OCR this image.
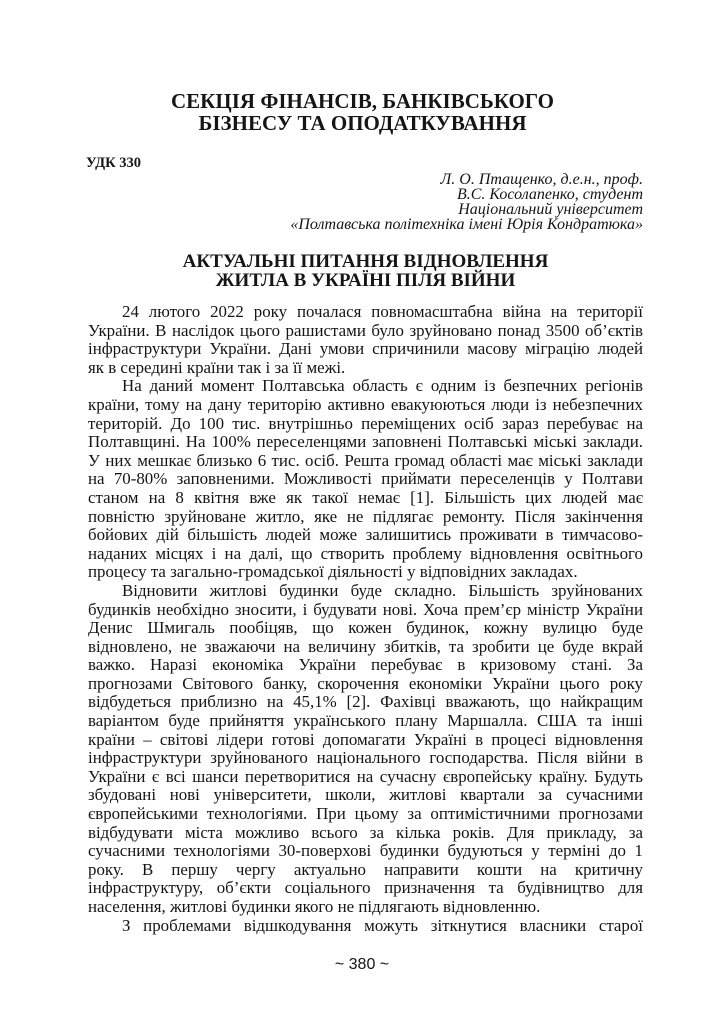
СЕКЦІЯ ФІНАНСІВ, БАНКІВСЬКОГО
БІЗНЕСУ ТА ОПОДАТКУВАННЯ
УДК 330
Л. О. Птащенко, д.е.н., проф.
В.С. Косолапенко, студент
Національний університет
«Полтавська політехніка імені Юрія Кондратюка»
АКТУАЛЬНІ ПИТАННЯ ВІДНОВЛЕННЯ
ЖИТЛА В УКРАЇНІ ПІЛЯ ВІЙНИ
24 лютого 2022 року почалася повномасштабна війна на території
України. В наслідок цього рашистами було зруйновано понад 3500 об’єктів
інфраструктури України. Дані умови спричинили масову міграцію людей
як в середині країни так і за її межі.
На даний момент Полтавська область є одним із безпечних регіонів
країни, тому на дану територію активно евакуюються люди із небезпечних
територій. До 100 тис. внутрішньо переміщених осіб зараз перебуває на
Полтавщині. На 100% переселенцями заповнені Полтавські міські заклади.
У них мешкає близько 6 тис. осіб. Решта громад області має міські заклади
на 70-80% заповненими. Можливості приймати переселенців у Полтави
станом на 8 квітня вже як такої немає [1]. Більшість цих людей має
повністю зруйноване житло, яке не підлягає ремонту. Після закінчення
бойових дій більшість людей може залишитись проживати в тимчасово-
наданих місцях і на далі, що створить проблему відновлення освітнього
процесу та загально-громадської діяльності у відповідних закладах.
Відновити житлові будинки буде складно. Більшість зруйнованих
будинків необхідно зносити, і будувати нові. Хоча прем’єр міністр України
Денис Шмигаль пообіцяв, що кожен будинок, кожну вулицю буде
відновлено, не зважаючи на величину збитків, та зробити це буде вкрай
важко. Наразі економіка України перебуває в кризовому стані. За
прогнозами Світового банку, скорочення економіки України цього року
відбудеться приблизно на 45,1% [2]. Фахівці вважають, що найкращим
варіантом буде прийняття українського плану Маршалла. США та інші
країни – світові лідери готові допомагати Україні в процесі відновлення
інфраструктури зруйнованого національного господарства. Після війни в
України є всі шанси перетворитися на сучасну європейську країну. Будуть
збудовані нові університети, школи, житлові квартали за сучасними
європейськими технологіями. При цьому за оптимістичними прогнозами
відбудувати міста можливо всього за кілька років. Для прикладу, за
сучасними технологіями 30-поверхові будинки будуються у терміні до 1
року. В першу чергу актуально направити кошти на критичну
інфраструктуру, об’єкти соціального призначення та будівництво для
населення, житлові будинки якого не підлягають відновленню.
З проблемами відшкодування можуть зіткнутися власники старої
~ 380 ~
